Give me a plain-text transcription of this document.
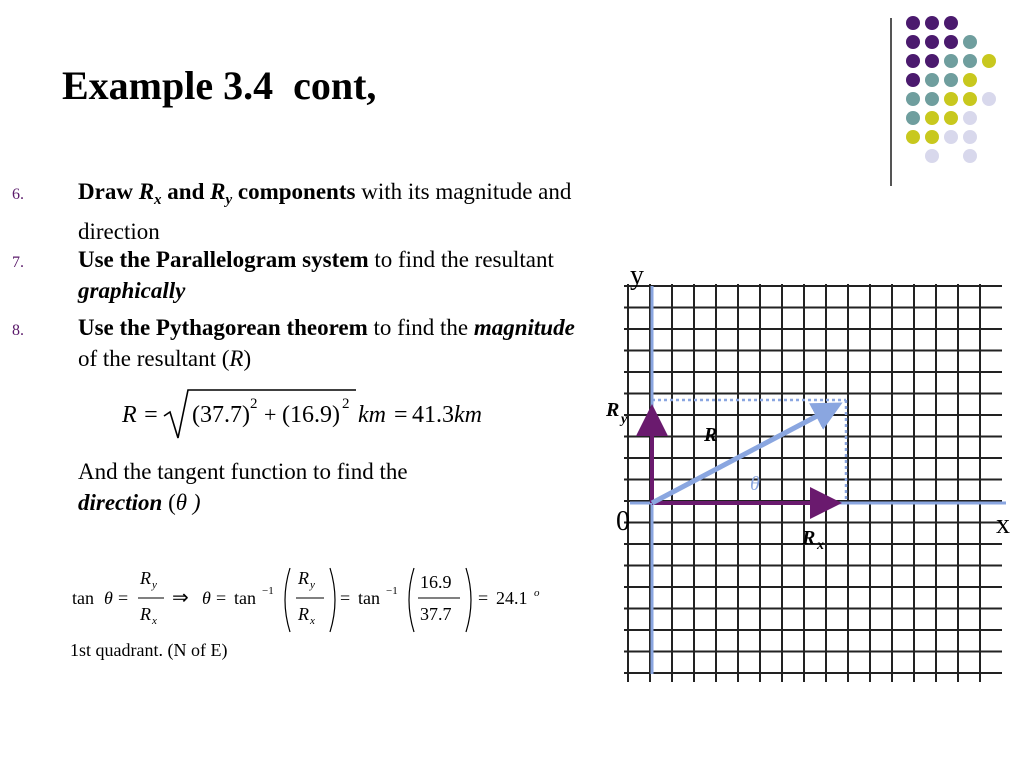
Example 3.4  cont,
6. Draw $R_x$ and $R_y$ components with its magnitude and direction
7. Use the Parallelogram system to find the resultant graphically
8. Use the Pythagorean theorem to find the magnitude of the resultant (R)
R = (37.7) 2 + (16.9) 2 km = 41.3 km
And the tangent function to find the
direction (θ )
tan θ =
R y
R x
⇒ θ = tan −1
R y
R x
= tan −1 16.9
37.7
= 24.1 o
1st quadrant. (N of E)
y
x
0
R y
R
R x
θ
